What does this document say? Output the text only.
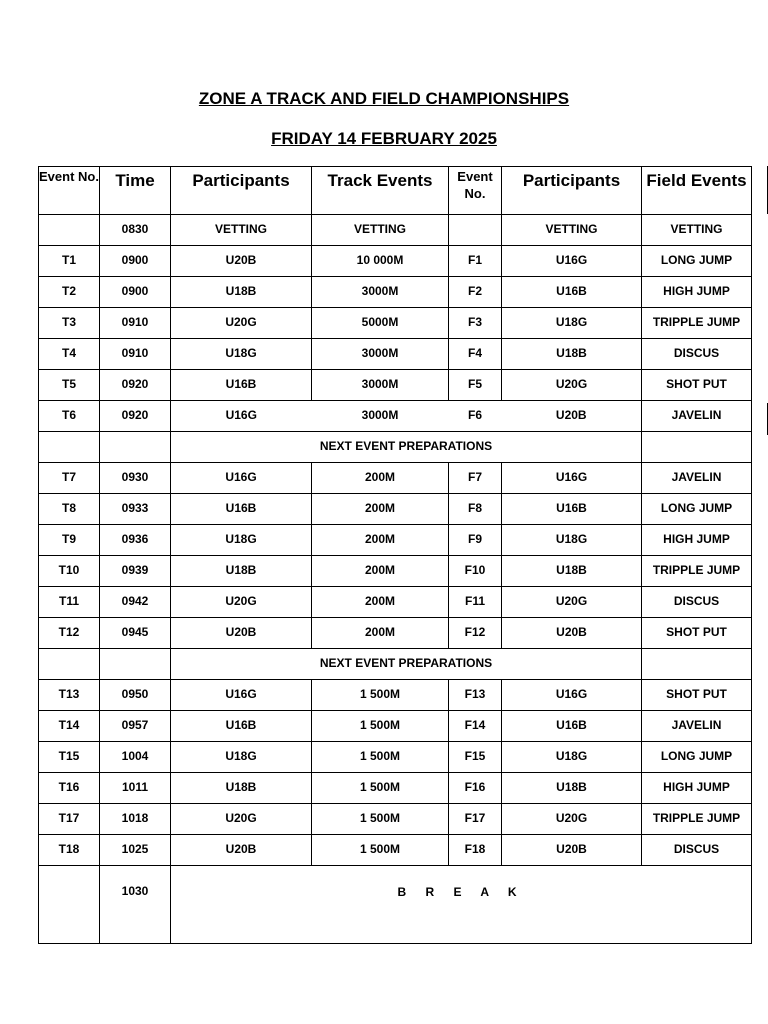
ZONE A TRACK AND FIELD CHAMPIONSHIPS
FRIDAY 14 FEBRUARY 2025
Event No.	Time	Participants	Track Events	Event No.	Participants	Field Events
	0830	VETTING	VETTING		VETTING	VETTING
T1	0900	U20B	10 000M	F1	U16G	LONG JUMP
T2	0900	U18B	3000M	F2	U16B	HIGH JUMP
T3	0910	U20G	5000M	F3	U18G	TRIPPLE JUMP
T4	0910	U18G	3000M	F4	U18B	DISCUS
T5	0920	U16B	3000M	F5	U20G	SHOT PUT
T6	0920	U16G	3000M	F6	U20B	JAVELIN
		NEXT EVENT PREPARATIONS				
T7	0930	U16G	200M	F7	U16G	JAVELIN
T8	0933	U16B	200M	F8	U16B	LONG JUMP
T9	0936	U18G	200M	F9	U18G	HIGH JUMP
T10	0939	U18B	200M	F10	U18B	TRIPPLE JUMP
T11	0942	U20G	200M	F11	U20G	DISCUS
T12	0945	U20B	200M	F12	U20B	SHOT PUT
		NEXT EVENT PREPARATIONS				
T13	0950	U16G	1 500M	F13	U16G	SHOT PUT
T14	0957	U16B	1 500M	F14	U16B	JAVELIN
T15	1004	U18G	1 500M	F15	U18G	LONG JUMP
T16	1011	U18B	1 500M	F16	U18B	HIGH JUMP
T17	1018	U20G	1 500M	F17	U20G	TRIPPLE JUMP
T18	1025	U20B	1 500M	F18	U20B	DISCUS
	1030	B R E A K				
